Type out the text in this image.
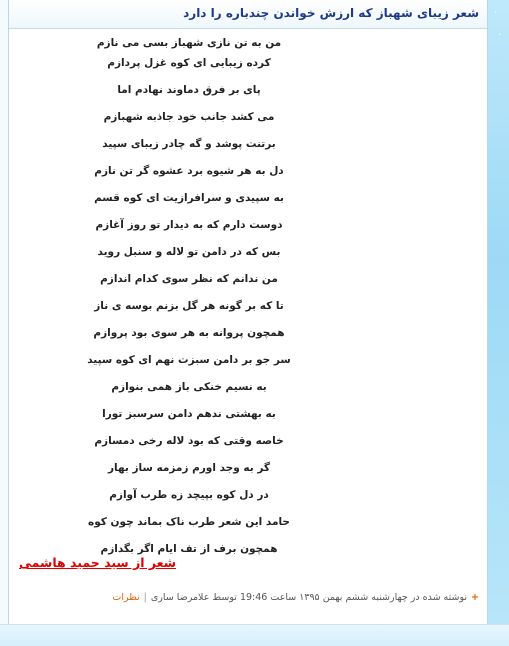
·
·
شعر زیبای شهباز که ارزش خواندن چندباره را دارد
من به تن نازی شهباز بسی می نازم
کرده زیبایی ای کوه غزل پردازم
پای بر فرق دماوند نهادم اما
می کشد جانب خود جاذبه شهبازم
برتنت پوشد و گه چادر زیبای سپید
دل به هر شیوه برد عشوه گر تن نازم
به سپیدی و سرافرازیت ای کوه قسم
دوست دارم که به دیدار تو روز آغازم
بس که در دامن تو لاله و سنبل روید
من ندانم که نظر سوی کدام اندازم
تا که بر گونه هر گل بزنم بوسه ی ناز
همچون پروانه به هر سوی بود پروازم
سر جو بر دامن سبزت نهم ای کوه سپید
به نسیم خنکی باز همی بنوازم
به بهشتی ندهم دامن سرسبز تورا
خاصه وقتی که بود لاله رخی دمسازم
گر به وجد اورم زمزمه ساز بهار
در دل کوه بپیچد زه طرب آوازم
حامد این شعر طرب ناک بماند چون کوه
همچون برف از تف ایام اگر بگدازم
شعر از سید حمید هاشمی
+نوشته شده در چهارشنبه ششم بهمن ۱۳۹۵ ساعت 19:46 توسط علامرضا ساری|نظرات
